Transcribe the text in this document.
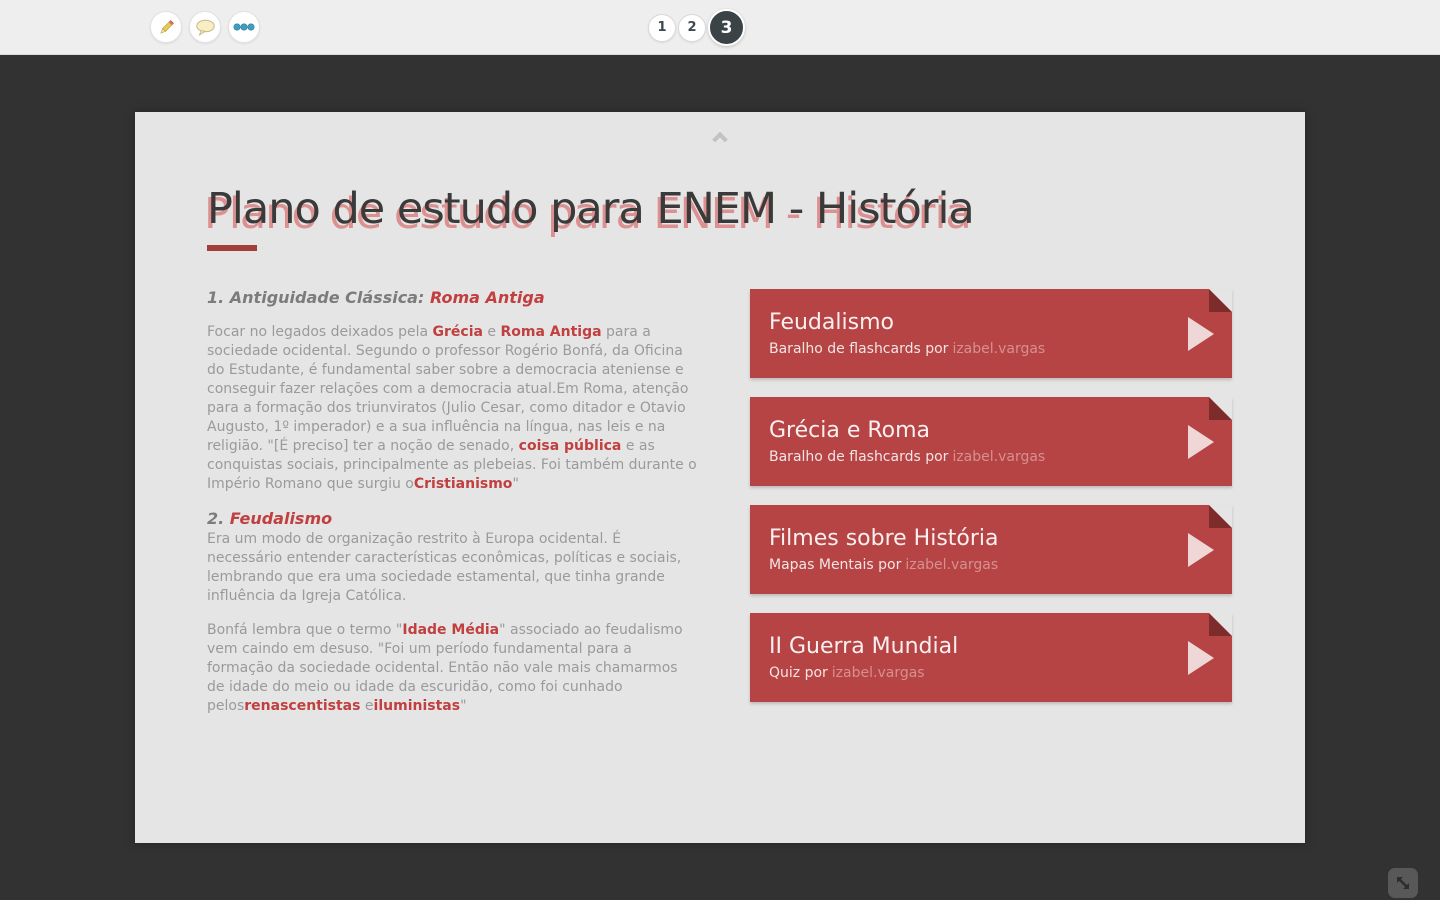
1	2	3
Plano de estudo para ENEM - História
1. Antiguidade Clássica: Roma Antiga

Focar no legados deixados pela Grécia e Roma Antiga para a sociedade ocidental. Segundo o professor Rogério Bonfá, da Oficina do Estudante, é fundamental saber sobre a democracia ateniense e conseguir fazer relações com a democracia atual.Em Roma, atenção para a formação dos triunviratos (Julio Cesar, como ditador e Otavio Augusto, 1º imperador) e a sua influência na língua, nas leis e na religião. "[É preciso] ter a noção de senado, coisa pública e as conquistas sociais, principalmente as plebeias. Foi também durante o Império Romano que surgiu oCristianismo"

2. Feudalismo

Era um modo de organização restrito à Europa ocidental. É necessário entender características econômicas, políticas e sociais, lembrando que era uma sociedade estamental, que tinha grande influência da Igreja Católica.

Bonfá lembra que o termo "Idade Média" associado ao feudalismo vem caindo em desuso. "Foi um período fundamental para a formação da sociedade ocidental. Então não vale mais chamarmos de idade do meio ou idade da escuridão, como foi cunhado pelosrenascentistas eiluministas"

Feudalismo

Baralho de flashcards por izabel.vargas

Grécia e Roma

Baralho de flashcards por izabel.vargas

Filmes sobre História

Mapas Mentais por izabel.vargas

II Guerra Mundial

Quiz por izabel.vargas
